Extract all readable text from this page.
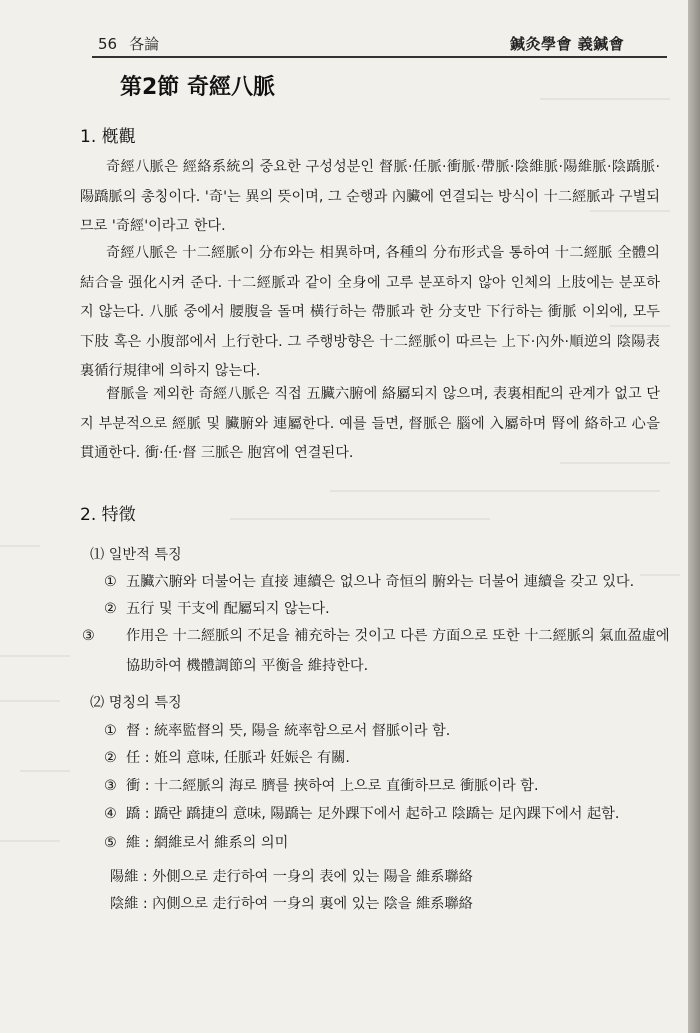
56 各論	鍼灸學會 義鍼會
第2節 奇經八脈
1. 槪觀
奇經八脈은 經絡系統의 중요한 구성성분인 督脈·任脈·衝脈·帶脈·陰維脈·陽維脈·陰蹻脈·陽蹻脈의 총칭이다. '奇'는 異의 뜻이며, 그 순행과 內臟에 연결되는 방식이 十二經脈과 구별되므로 '奇經'이라고 한다.
奇經八脈은 十二經脈이 分布와는 相異하며, 各種의 分布形式을 통하여 十二經脈 全體의 結合을 强化시켜 준다. 十二經脈과 같이 全身에 고루 분포하지 않아 인체의 上肢에는 분포하지 않는다. 八脈 중에서 腰腹을 돌며 橫行하는 帶脈과 한 分支만 下行하는 衝脈 이외에, 모두 下肢 혹은 小腹部에서 上行한다. 그 주행방향은 十二經脈이 따르는 上下·內外·順逆의 陰陽表裏循行規律에 의하지 않는다.
督脈을 제외한 奇經八脈은 직접 五臟六腑에 絡屬되지 않으며, 表裏相配의 관계가 없고 단지 부분적으로 經脈 및 臟腑와 連屬한다. 예를 들면, 督脈은 腦에 入屬하며 腎에 絡하고 心을 貫通한다. 衝·任·督 三脈은 胞宮에 연결된다.
2. 特徵
⑴ 일반적 특징
① 五臟六腑와 더불어는 直接 連續은 없으나 奇恒의 腑와는 더불어 連續을 갖고 있다.
② 五行 및 干支에 配屬되지 않는다.
③ 作用은 十二經脈의 不足을 補充하는 것이고 다른 方面으로 또한 十二經脈의 氣血盈虛에 協助하여 機體調節의 平衡을 維持한다.
⑵ 명칭의 특징
① 督 : 統率監督의 뜻, 陽을 統率함으로서 督脈이라 함.
② 任 : 姙의 意味, 任脈과 妊娠은 有關.
③ 衝 : 十二經脈의 海로 臍를 挾하여 上으로 直衝하므로 衝脈이라 함.
④ 蹻 : 蹻란 蹻捷의 意味, 陽蹻는 足外踝下에서 起하고 陰蹻는 足內踝下에서 起함.
⑤ 維 : 網維로서 維系의 의미
陽維 : 外側으로 走行하여 一身의 表에 있는 陽을 維系聯絡
陰維 : 內側으로 走行하여 一身의 裏에 있는 陰을 維系聯絡
